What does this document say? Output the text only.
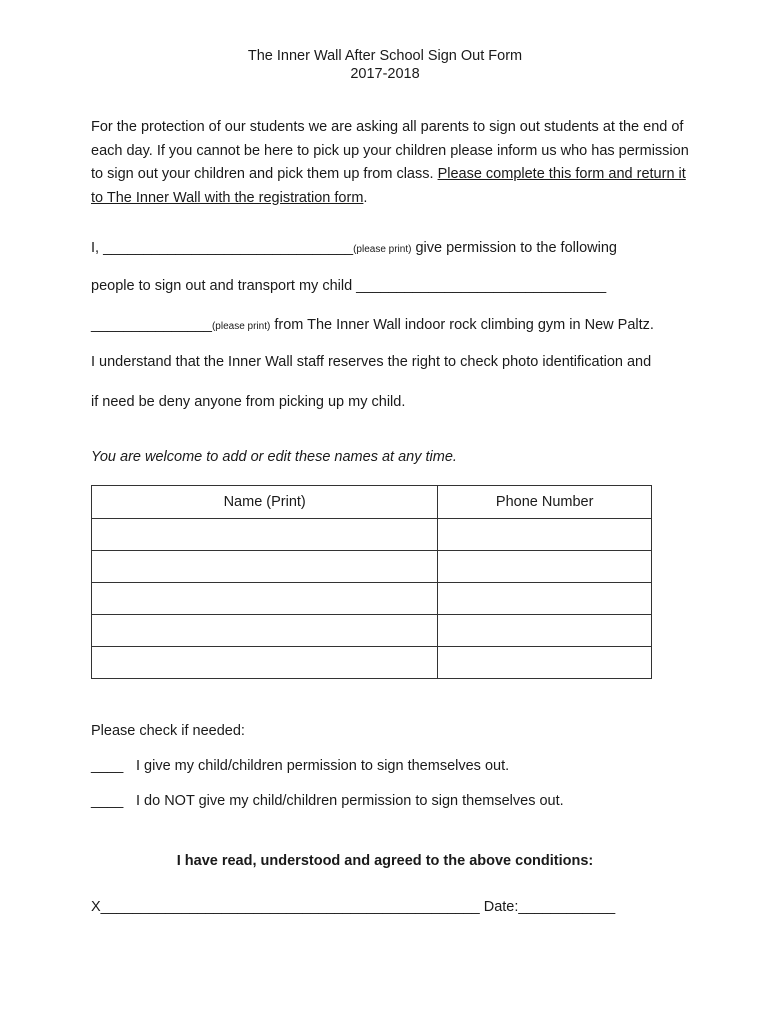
The Inner Wall After School Sign Out Form
2017-2018
For the protection of our students we are asking all parents to sign out students at the end of each day. If you cannot be here to pick up your children please inform us who has permission to sign out your children and pick them up from class. Please complete this form and return it to The Inner Wall with the registration form.
I, _______________________________(please print) give permission to the following
people to sign out and transport my child _______________________________
_______________(please print) from The Inner Wall indoor rock climbing gym in New Paltz.
I understand that the Inner Wall staff reserves the right to check photo identification and
if need be deny anyone from picking up my child.
You are welcome to add or edit these names at any time.
Name (Print)	Phone Number

Please check if needed:
____ I give my child/children permission to sign themselves out.
____ I do NOT give my child/children permission to sign themselves out.
I have read, understood and agreed to the above conditions:
X_______________________________________________ Date:____________
